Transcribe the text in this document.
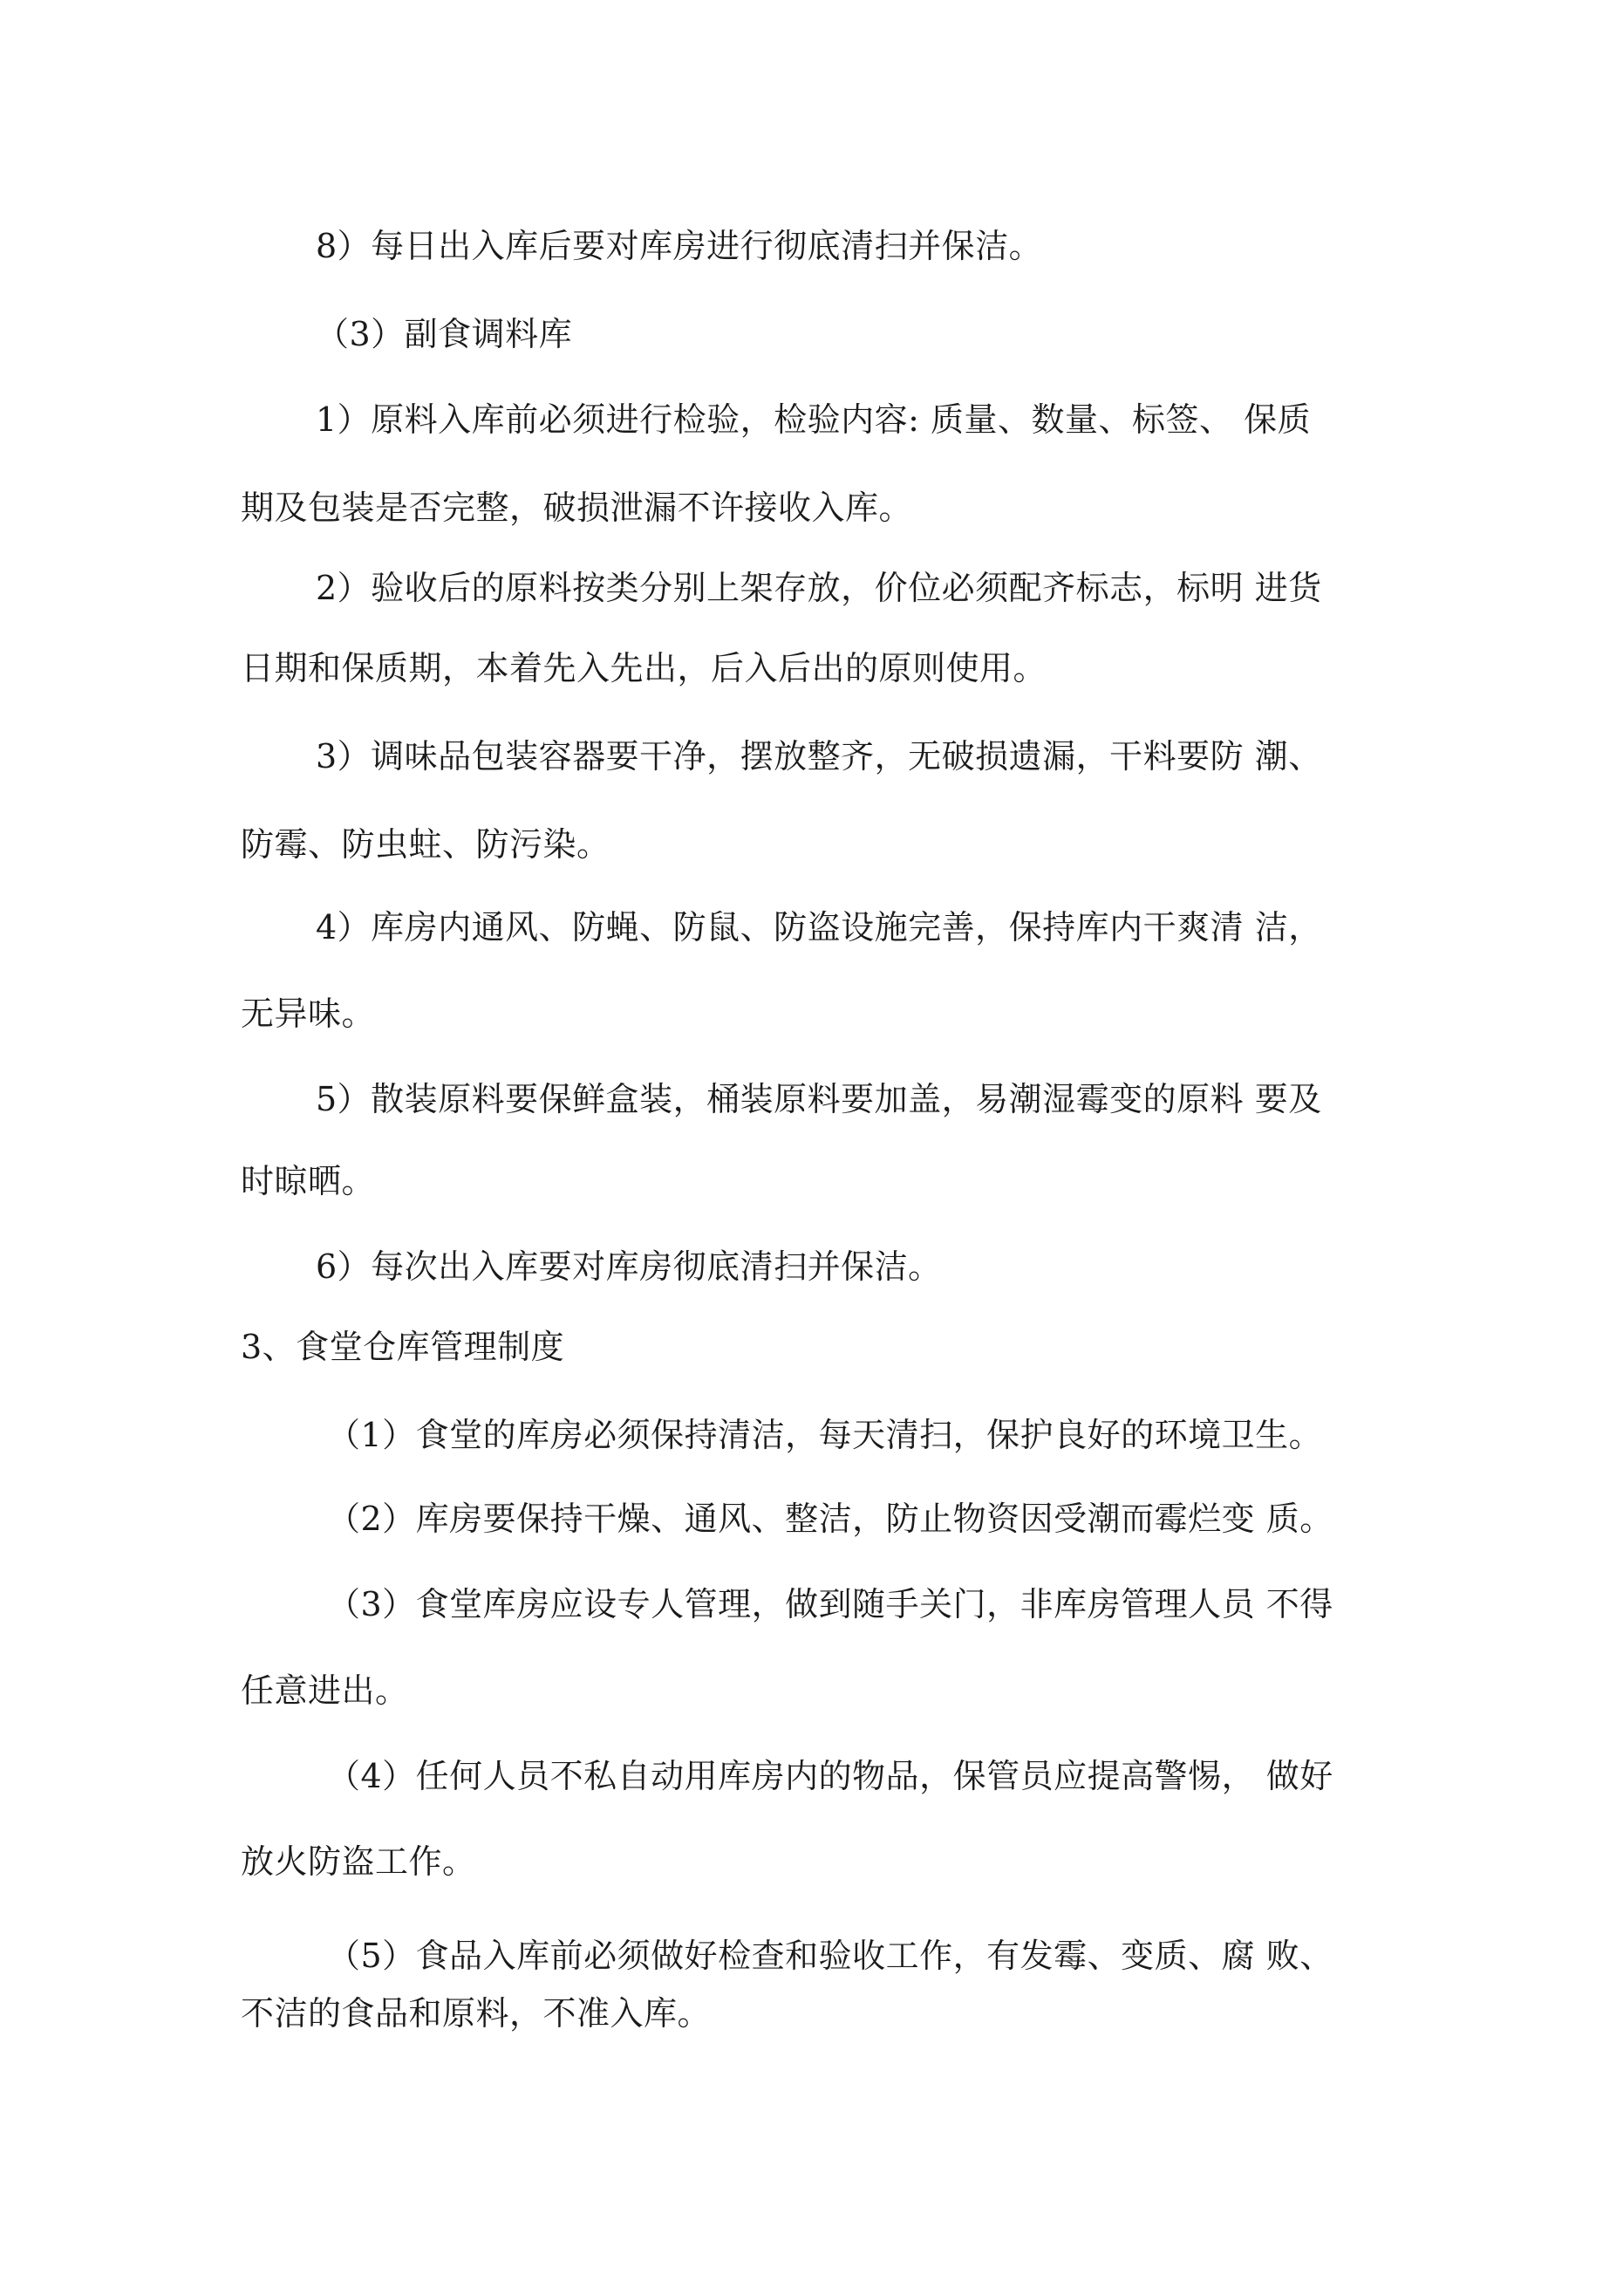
8）每日出入库后要对库房进行彻底清扫并保洁。
（3）副食调料库
1）原料入库前必须进行检验，检验内容: 质量、数量、标签、 保质
期及包装是否完整，破损泄漏不许接收入库。
2）验收后的原料按类分别上架存放，价位必须配齐标志，标明 进货
日期和保质期，本着先入先出，后入后出的原则使用。
3）调味品包装容器要干净，摆放整齐，无破损遗漏，干料要防 潮、
防霉、防虫蛀、防污染。
4）库房内通风、防蝇、防鼠、防盗设施完善，保持库内干爽清 洁，
无异味。
5）散装原料要保鲜盒装，桶装原料要加盖，易潮湿霉变的原料 要及
时晾晒。
6）每次出入库要对库房彻底清扫并保洁。
3、食堂仓库管理制度
（1）食堂的库房必须保持清洁，每天清扫，保护良好的环境卫生。
（2）库房要保持干燥、通风、整洁，防止物资因受潮而霉烂变 质。
（3）食堂库房应设专人管理，做到随手关门，非库房管理人员 不得
任意进出。
（4）任何人员不私自动用库房内的物品，保管员应提高警惕， 做好
放火防盗工作。
（5）食品入库前必须做好检查和验收工作，有发霉、变质、腐 败、
不洁的食品和原料，不准入库。
